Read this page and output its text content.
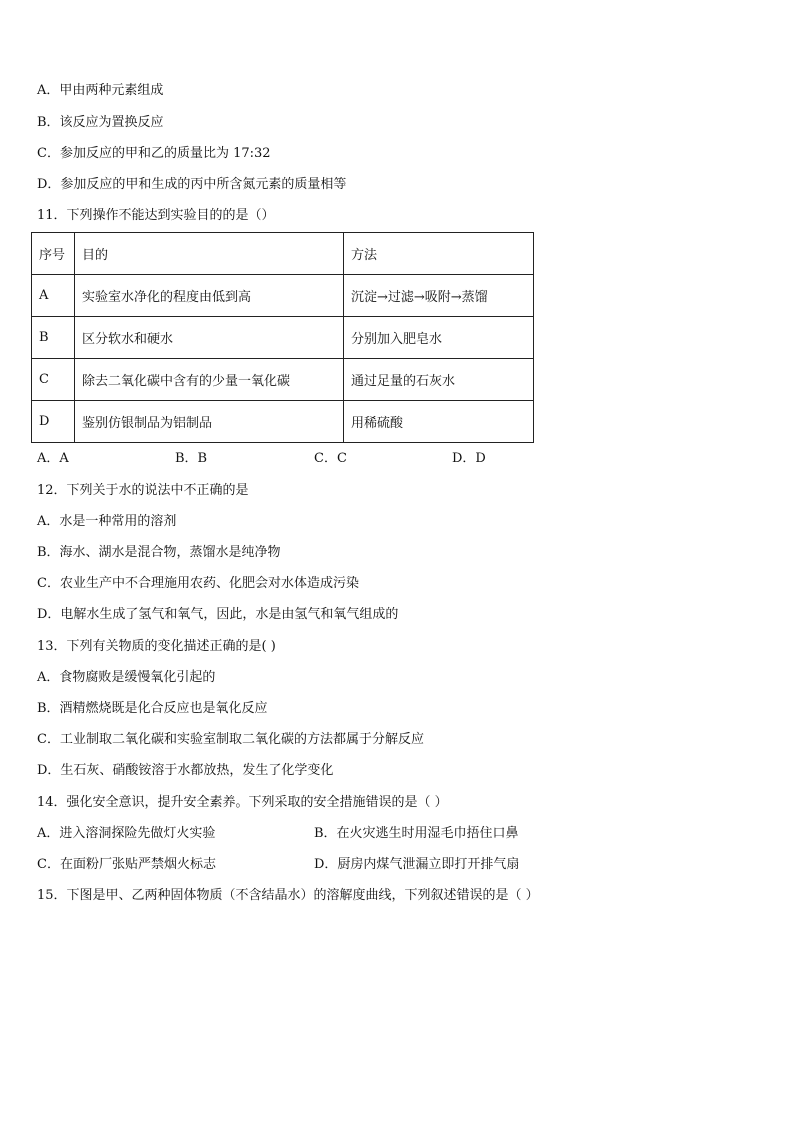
A．甲由两种元素组成
B．该反应为置换反应
C．参加反应的甲和乙的质量比为 17:32
D．参加反应的甲和生成的丙中所含氮元素的质量相等
11．下列操作不能达到实验目的的是（）
序号	目的	方法
A	实验室水净化的程度由低到高	沉淀→过滤→吸附→蒸馏
B	区分软水和硬水	分别加入肥皂水
C	除去二氧化碳中含有的少量一氧化碳	通过足量的石灰水
D	鉴别仿银制品为铝制品	用稀硫酸
A．A	B．B	C．C	D．D
12．下列关于水的说法中不正确的是
A．水是一种常用的溶剂
B．海水、湖水是混合物，蒸馏水是纯净物
C．农业生产中不合理施用农药、化肥会对水体造成污染
D．电解水生成了氢气和氧气，因此，水是由氢气和氧气组成的
13．下列有关物质的变化描述正确的是( )
A．食物腐败是缓慢氧化引起的
B．酒精燃烧既是化合反应也是氧化反应
C．工业制取二氧化碳和实验室制取二氧化碳的方法都属于分解反应
D．生石灰、硝酸铵溶于水都放热，发生了化学变化
14．强化安全意识，提升安全素养。下列采取的安全措施错误的是（ ）
A．进入溶洞探险先做灯火实验	B．在火灾逃生时用湿毛巾捂住口鼻
C．在面粉厂张贴严禁烟火标志	D．厨房内煤气泄漏立即打开排气扇
15．下图是甲、乙两种固体物质（不含结晶水）的溶解度曲线，下列叙述错误的是（ ）
